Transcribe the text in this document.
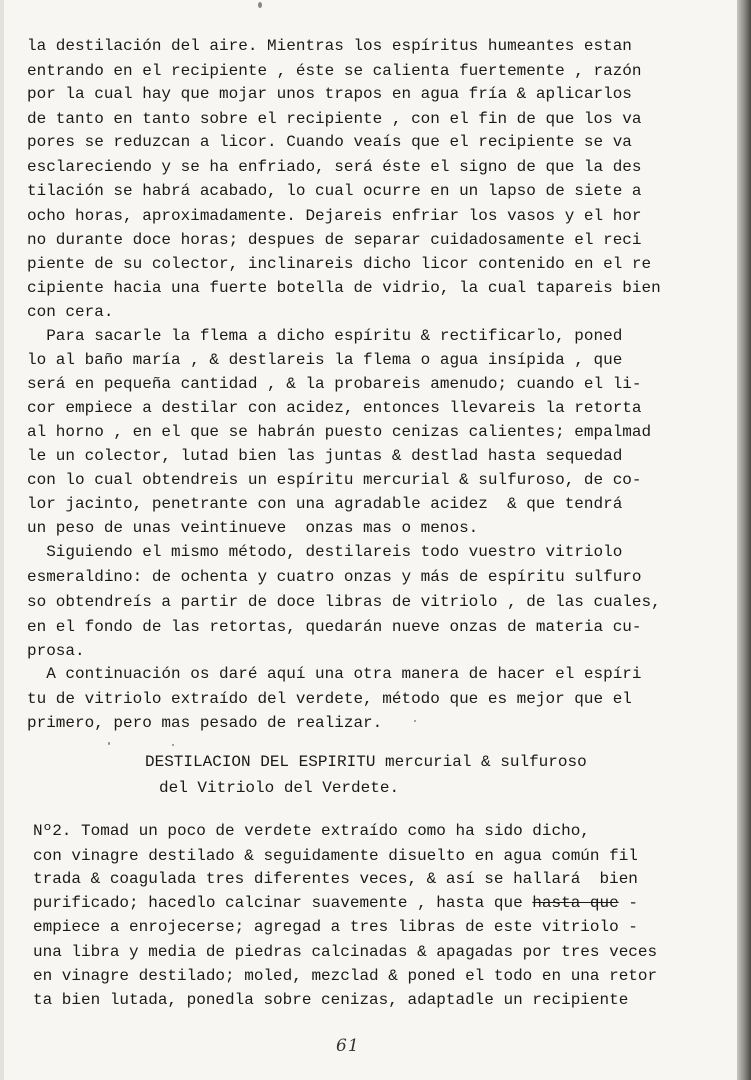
la destilación del aire. Mientras los espíritus humeantes estan
entrando en el recipiente , éste se calienta fuertemente , razón
por la cual hay que mojar unos trapos en agua fría & aplicarlos
de tanto en tanto sobre el recipiente , con el fin de que los va
pores se reduzcan a licor. Cuando veaís que el recipiente se va
esclareciendo y se ha enfriado, será éste el signo de que la des
tilación se habrá acabado, lo cual ocurre en un lapso de siete a
ocho horas, aproximadamente. Dejareis enfriar los vasos y el hor
no durante doce horas; despues de separar cuidadosamente el reci
piente de su colector, inclinareis dicho licor contenido en el re
cipiente hacia una fuerte botella de vidrio, la cual tapareis bien
con cera.
Para sacarle la flema a dicho espíritu & rectificarlo, poned
lo al baño maría , & destlareis la flema o agua insípida , que
será en pequeña cantidad , & la probareis amenudo; cuando el li-
cor empiece a destilar con acidez, entonces llevareis la retorta
al horno , en el que se habrán puesto cenizas calientes; empalmad
le un colector, lutad bien las juntas & destlad hasta sequedad
con lo cual obtendreis un espíritu mercurial & sulfuroso, de co-
lor jacinto, penetrante con una agradable acidez  & que tendrá
un peso de unas veintinueve  onzas mas o menos.
Siguiendo el mismo método, destilareis todo vuestro vitriolo
esmeraldino: de ochenta y cuatro onzas y más de espíritu sulfuro
so obtendreís a partir de doce libras de vitriolo , de las cuales,
en el fondo de las retortas, quedarán nueve onzas de materia cu-
prosa.
A continuación os daré aquí una otra manera de hacer el espíri
tu de vitriolo extraído del verdete, método que es mejor que el
primero, pero mas pesado de realizar.
DESTILACION DEL ESPIRITU mercurial & sulfuroso
del Vitriolo del Verdete.
Nº2. Tomad un poco de verdete extraído como ha sido dicho,
con vinagre destilado & seguidamente disuelto en agua común fil
trada & coagulada tres diferentes veces, & así se hallará  bien
purificado; hacedlo calcinar suavemente , hasta que hasta que -
empiece a enrojecerse; agregad a tres libras de este vitriolo -
una libra y media de piedras calcinadas & apagadas por tres veces
en vinagre destilado; moled, mezclad & poned el todo en una retor
ta bien lutada, ponedla sobre cenizas, adaptadle un recipiente
61
